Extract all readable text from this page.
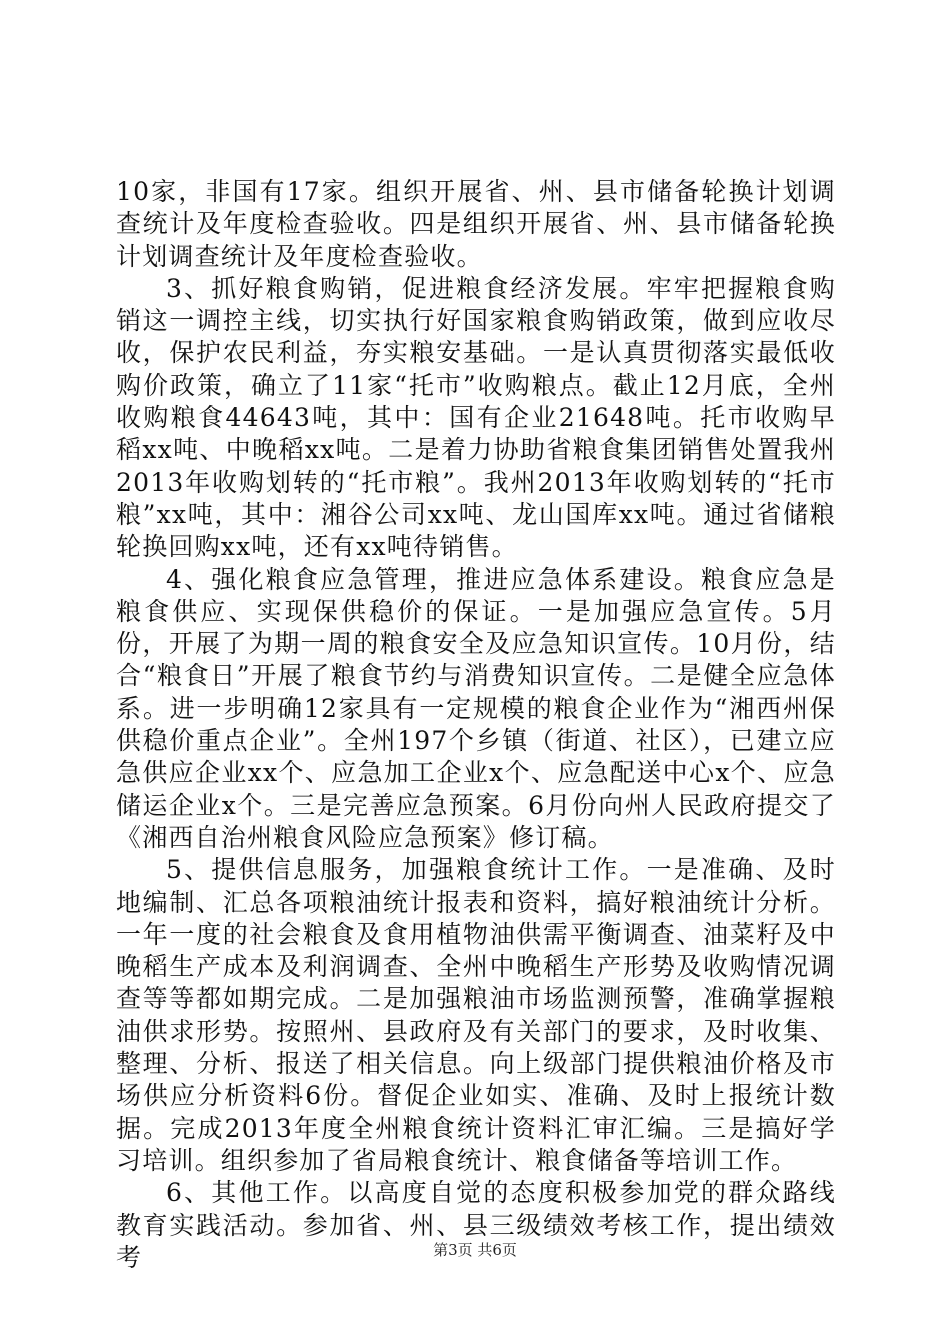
10家，非国有17家。组织开展省、州、县市储备轮换计划调查统计及年度检查验收。四是组织开展省、州、县市储备轮换计划调查统计及年度检查验收。

3、抓好粮食购销，促进粮食经济发展。牢牢把握粮食购销这一调控主线，切实执行好国家粮食购销政策，做到应收尽收，保护农民利益，夯实粮安基础。一是认真贯彻落实最低收购价政策，确立了11家“托市”收购粮点。截止12月底，全州收购粮食44643吨，其中：国有企业21648吨。托市收购早稻xx吨、中晚稻xx吨。二是着力协助省粮食集团销售处置我州2013年收购划转的“托市粮”。我州2013年收购划转的“托市粮”xx吨，其中：湘谷公司xx吨、龙山国库xx吨。通过省储粮轮换回购xx吨，还有xx吨待销售。

4、强化粮食应急管理，推进应急体系建设。粮食应急是粮食供应、实现保供稳价的保证。一是加强应急宣传。5月份，开展了为期一周的粮食安全及应急知识宣传。10月份，结合“粮食日”开展了粮食节约与消费知识宣传。二是健全应急体系。进一步明确12家具有一定规模的粮食企业作为“湘西州保供稳价重点企业”。全州197个乡镇（街道、社区），已建立应急供应企业xx个、应急加工企业x个、应急配送中心x个、应急储运企业x个。三是完善应急预案。6月份向州人民政府提交了《湘西自治州粮食风险应急预案》修订稿。

5、提供信息服务，加强粮食统计工作。一是准确、及时地编制、汇总各项粮油统计报表和资料，搞好粮油统计分析。一年一度的社会粮食及食用植物油供需平衡调查、油菜籽及中晚稻生产成本及利润调查、全州中晚稻生产形势及收购情况调查等等都如期完成。二是加强粮油市场监测预警，准确掌握粮油供求形势。按照州、县政府及有关部门的要求，及时收集、整理、分析、报送了相关信息。向上级部门提供粮油价格及市场供应分析资料6份。督促企业如实、准确、及时上报统计数据。完成2013年度全州粮食统计资料汇审汇编。三是搞好学习培训。组织参加了省局粮食统计、粮食储备等培训工作。

6、其他工作。以高度自觉的态度积极参加党的群众路线教育实践活动。参加省、州、县三级绩效考核工作，提出绩效考	第3页 共6页
